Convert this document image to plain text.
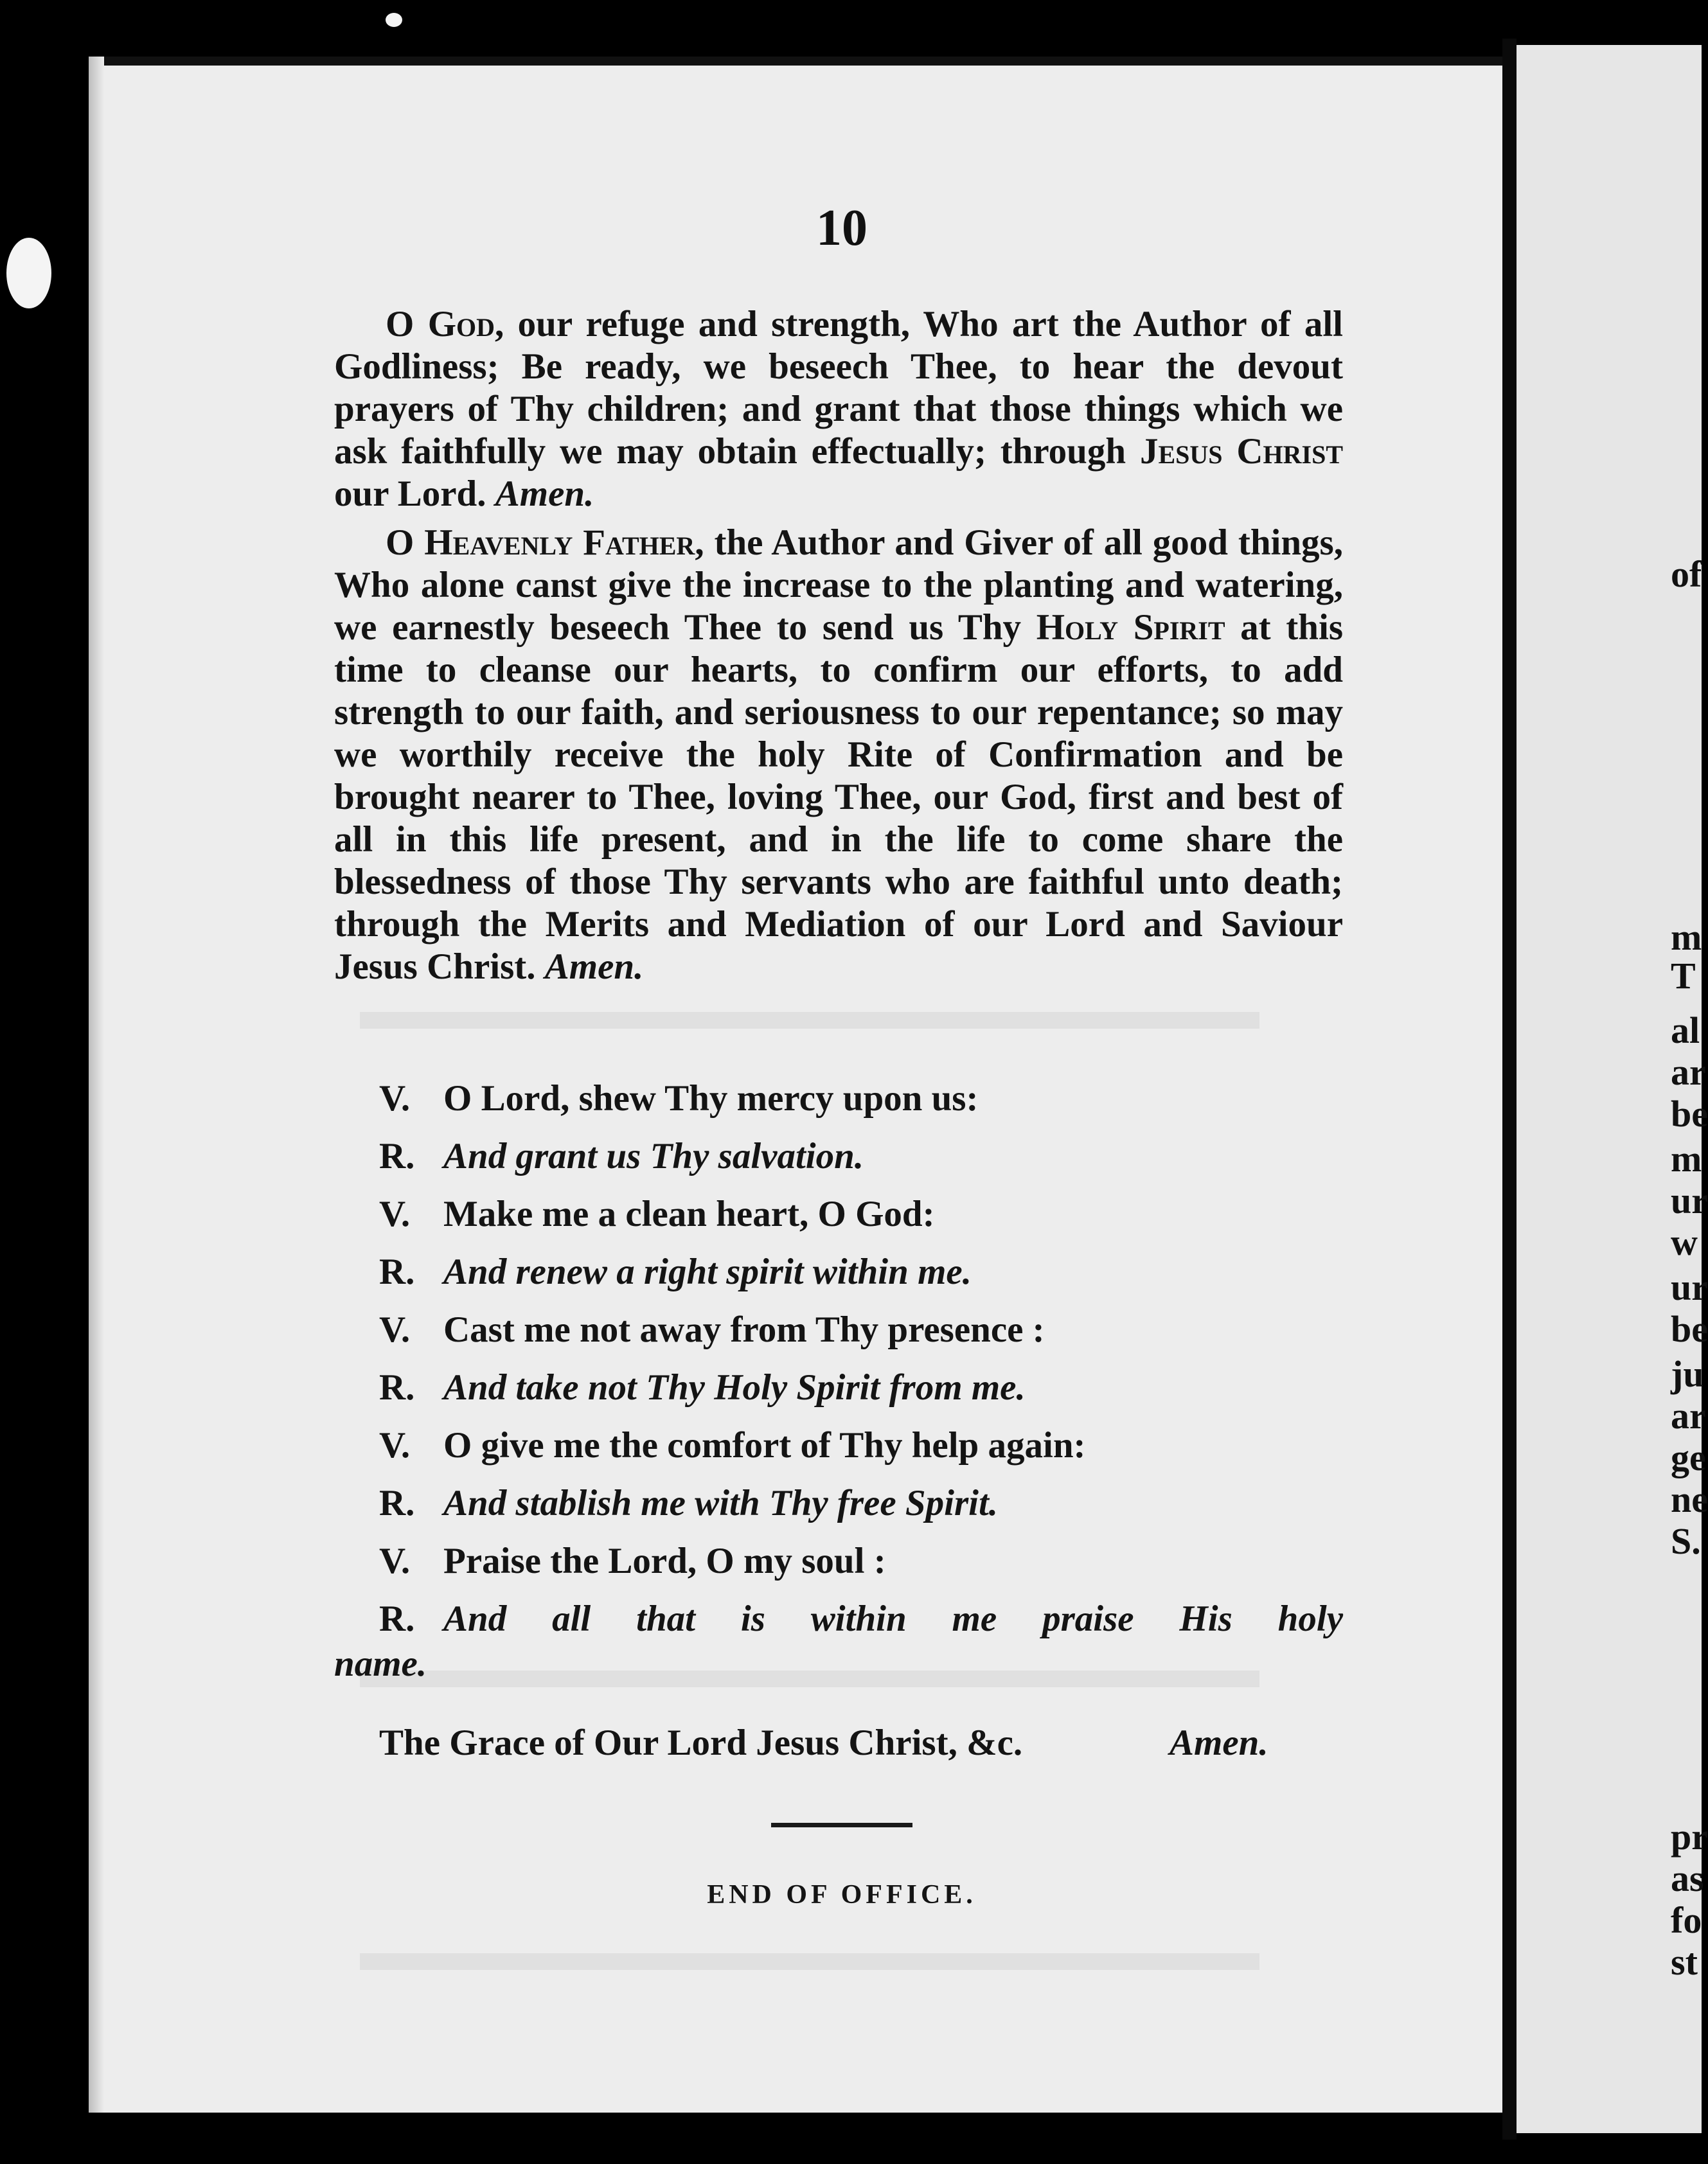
of
m
T
al
ar
be
m
ur
w
ur
be
ju
ar
ge
ne
S.
pr
as
fo
st
10

O God, our refuge and strength, Who art the Author of all Godliness; Be ready, we beseech Thee, to hear the devout prayers of Thy children; and grant that those things which we ask faithfully we may obtain effectually; through Jesus Christ our Lord. Amen.

O Heavenly Father, the Author and Giver of all good things, Who alone canst give the increase to the planting and watering, we earnestly beseech Thee to send us Thy Holy Spirit at this time to cleanse our hearts, to confirm our efforts, to add strength to our faith, and seriousness to our repentance; so may we worthily receive the holy Rite of Confirmation and be brought nearer to Thee, loving Thee, our God, first and best of all in this life present, and in the life to come share the blessedness of those Thy servants who are faithful unto death; through the Merits and Mediation of our Lord and Saviour Jesus Christ. Amen.

V. O Lord, shew Thy mercy upon us:
R. And grant us Thy salvation.
V. Make me a clean heart, O God:
R. And renew a right spirit within me.
V. Cast me not away from Thy presence :
R. And take not Thy Holy Spirit from me.
V. O give me the comfort of Thy help again:
R. And stablish me with Thy free Spirit.
V. Praise the Lord, O my soul :
R. And all that is within me praise His holy
name.
The Grace of Our Lord Jesus Christ, &c.	Amen.
END OF OFFICE.
